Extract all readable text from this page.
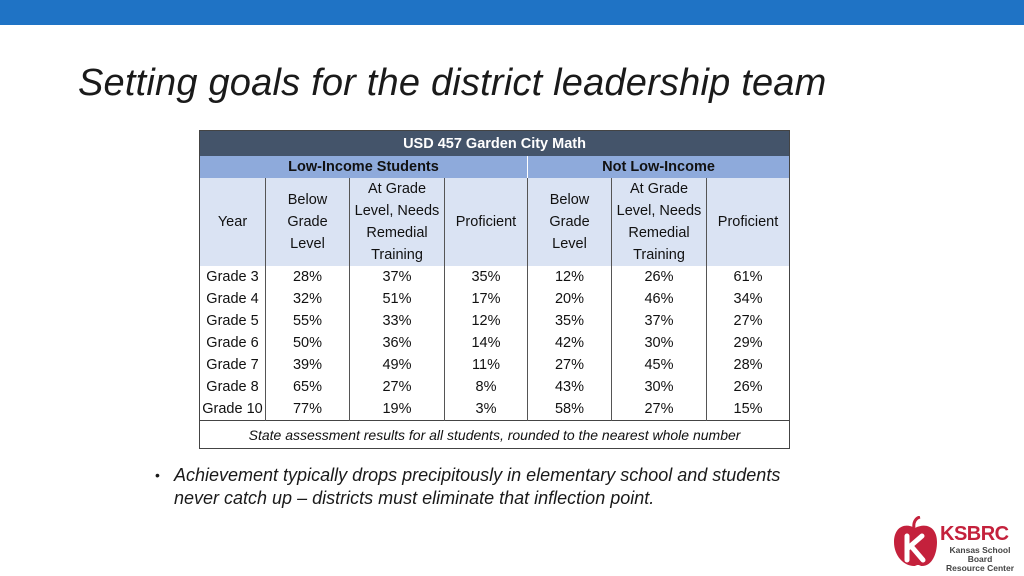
Setting goals for the district leadership team
USD 457 Garden City Math						
Low-Income Students				Not Low-Income		
Year	Below
Grade
Level	At Grade
Level, Needs
Remedial
Training	Proficient	Below
Grade
Level	At Grade
Level, Needs
Remedial
Training	Proficient
Grade 3	28%	37%	35%	12%	26%	61%
Grade 4	32%	51%	17%	20%	46%	34%
Grade 5	55%	33%	12%	35%	37%	27%
Grade 6	50%	36%	14%	42%	30%	29%
Grade 7	39%	49%	11%	27%	45%	28%
Grade 8	65%	27%	8%	43%	30%	26%
Grade 10	77%	19%	3%	58%	27%	15%
State assessment results for all students, rounded to the nearest whole number						
• Achievement typically drops precipitously in elementary school and students
never catch up – districts must eliminate that inflection point.
KSBRC
Kansas School Board
Resource Center
